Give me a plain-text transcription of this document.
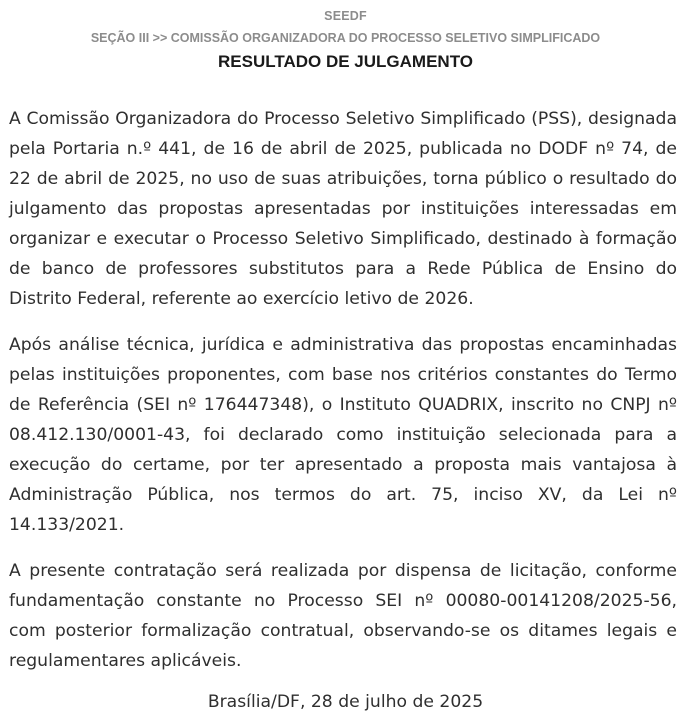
SEEDF
SEÇÃO III >> COMISSÃO ORGANIZADORA DO PROCESSO SELETIVO SIMPLIFICADO
RESULTADO DE JULGAMENTO

A Comissão Organizadora do Processo Seletivo Simplificado (PSS), designada pela Portaria n.º 441, de 16 de abril de 2025, publicada no DODF nº 74, de 22 de abril de 2025, no uso de suas atribuições, torna público o resultado do julgamento das propostas apresentadas por instituições interessadas em organizar e executar o Processo Seletivo Simplificado, destinado à formação de banco de professores substitutos para a Rede Pública de Ensino do Distrito Federal, referente ao exercício letivo de 2026.

Após análise técnica, jurídica e administrativa das propostas encaminhadas pelas instituições proponentes, com base nos critérios constantes do Termo de Referência (SEI nº 176447348), o Instituto QUADRIX, inscrito no CNPJ nº 08.412.130/0001-43, foi declarado como instituição selecionada para a execução do certame, por ter apresentado a proposta mais vantajosa à Administração Pública, nos termos do art. 75, inciso XV, da Lei nº 14.133/2021.

A presente contratação será realizada por dispensa de licitação, conforme fundamentação constante no Processo SEI nº 00080-00141208/2025-56, com posterior formalização contratual, observando-se os ditames legais e regulamentares aplicáveis.

Brasília/DF, 28 de julho de 2025
